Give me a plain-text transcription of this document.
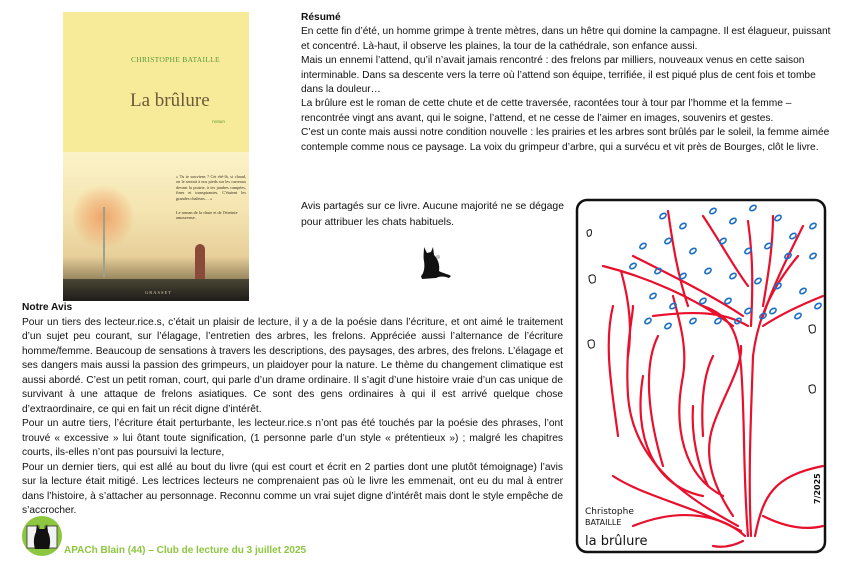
CHRISTOPHE BATAILLE
La brûlure
roman
« Tu te souviens ? Cet été-là, si chaud, on le sentait à nos pieds sur les carreaux devant la prairie, à tes jambes campées, fines et transpirantes. C'étaient les grandes chaleurs… »
Le roman de la chute et de l'étreinte amoureuse.
GRASSET
Résumé

En cette fin d’été, un homme grimpe à trente mètres, dans un hêtre qui domine la campagne. Il est élagueur, puissant et concentré. Là-haut, il observe les plaines, la tour de la cathédrale, son enfance aussi.

Mais un ennemi l’attend, qu’il n’avait jamais rencontré : des frelons par milliers, nouveaux venus en cette saison interminable. Dans sa descente vers la terre où l’attend son équipe, terrifiée, il est piqué plus de cent fois et tombe dans la douleur…

La brûlure est le roman de cette chute et de cette traversée, racontées tour à tour par l’homme et la femme – rencontrée vingt ans avant, qui le soigne, l’attend, et ne cesse de l’aimer en images, souvenirs et gestes.

C’est un conte mais aussi notre condition nouvelle : les prairies et les arbres sont brûlés par le soleil, la femme aimée contemple comme nous ce paysage. La voix du grimpeur d’arbre, qui a survécu et vit près de Bourges, clôt le livre.

Avis partagés sur ce livre. Aucune majorité ne se dégage pour attribuer les chats habituels.
Notre Avis

Pour un tiers des lecteur.rice.s, c’était un plaisir de lecture, il y a de la poésie dans l’écriture, et ont aimé le traitement d’un sujet peu courant, sur l’élagage, l’entretien des arbres, les frelons. Appréciée aussi l’alternance de l’écriture homme/femme. Beaucoup de sensations à travers les descriptions, des paysages, des arbres, des frelons. L’élagage et ses dangers mais aussi la passion des grimpeurs, un plaidoyer pour la nature. Le thème du changement climatique est aussi abordé. C’est un petit roman, court, qui parle d’un drame ordinaire. Il s’agit d’une histoire vraie d’un cas unique de survivant à une attaque de frelons asiatiques. Ce sont des gens ordinaires à qui il est arrivé quelque chose d’extraordinaire, ce qui en fait un récit digne d’intérêt.

Pour un autre tiers, l’écriture était perturbante, les lecteur.rice.s n’ont pas été touchés par la poésie des phrases, l’ont trouvé « excessive » lui ôtant toute signification, (1 personne parle d’un style « prétentieux ») ; malgré les chapitres courts, ils-elles n’ont pas poursuivi la lecture,

Pour un dernier tiers, qui est allé au bout du livre (qui est court et écrit en 2 parties dont une plutôt témoignage) l’avis sur la lecture était mitigé. Les lectrices lecteurs ne comprenaient pas où le livre les emmenait, ont eu du mal à entrer dans l’histoire, à s’attacher au personnage. Reconnu comme un vrai sujet digne d’intérêt mais dont le style empêche de s’accrocher.

APACh Blain (44) – Club de lecture du 3 juillet 2025
Christophe
BATAILLE
la brûlure
7/2025
